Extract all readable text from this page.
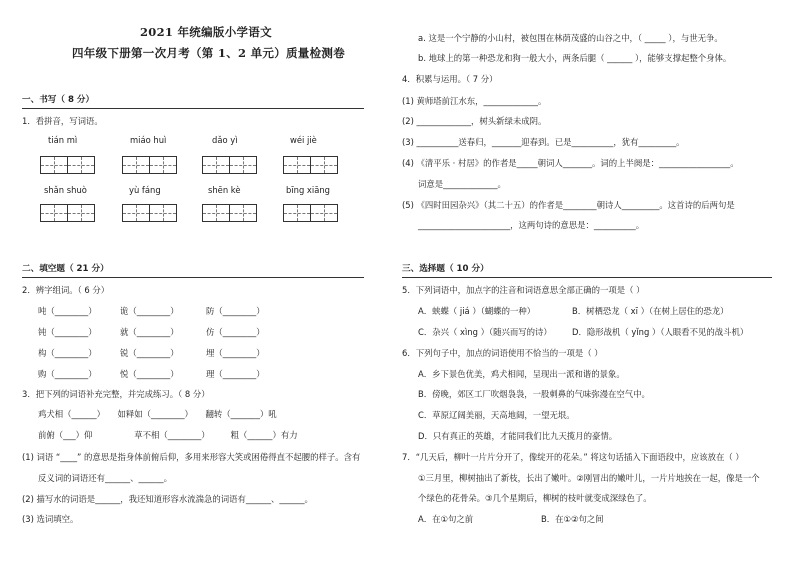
2021 年统编版小学语文
四年级下册第一次月考（第 1、2 单元）质量检测卷
一、书写（ 8 分）
1．看拼音，写词语。
tián mì	miáo huì	dǎo yì	wéi jiè
shǎn shuò	yù fáng	shēn kè	bīng xiāng
二、填空题（ 21 分）
2．辨字组词。（ 6 分）
吨（________）	诡（________）	防（________）
钝（________）	就（________）	仿（________）
构（________）	锐（________）	埋（________）
购（________）	悦（________）	理（________）
3．把下列的词语补充完整，并完成练习。（ 8 分）
鸡犬相（______）　　如释如（________）　　翻转（_______）吼
前俯（___）仰　　　　　草不相（________）　　　粗（______）有力
(1) 词语 “____” 的意思是指身体前俯后仰，多用来形容大笑或困倦得直不起腰的样子。含有
反义词的词语还有______、______。
(2) 描写水的词语是______，我还知道形容水流湍急的词语有______、______。
(3) 选词填空。
a. 这是一个宁静的小山村，被包围在林荫茂盛的山谷之中，（ _____ ），与世无争。
b. 地球上的第一种恐龙和狗一般大小，两条后腿（ ______ ），能够支撑起整个身体。
4．积累与运用。（ 7 分）
(1) 黄师塔前江水东，_____________。
(2) _____________，树头新绿未成阴。
(3) __________送春归，_______迎春到。已是__________，犹有_________。
(4) 《清平乐 · 村居》的作者是_____朝词人_______。词的上半阕是：_________________。
词意是_____________。
(5) 《四时田园杂兴》（其二十五）的作者是________朝诗人_________。这首诗的后两句是
______________________，这两句诗的意思是：__________。
三、选择题（ 10 分）
5．下列词语中，加点字的注音和词语意思全部正确的一项是（ ）
A．蛱蝶（ jiá ）（蝴蝶的一种）	B．树栖恐龙（ xī ）（在树上居住的恐龙）
C．杂兴（ xìng ）（随兴而写的诗） D．隐形战机（ yǐng ）（人眼看不见的战斗机）
6．下列句子中，加点的词语使用不恰当的一项是（ ）
A．乡下景色优美，鸡犬相闻，呈现出一派和谐的景象。
B．傍晚，郊区工厂吹烟袅袅，一股刺鼻的气味弥漫在空气中。
C．草原辽阔美丽，天高地阔，一望无垠。
D．只有真正的英雄，才能同我们比九天揽月的豪情。
7．“几天后，柳叶一片片分开了，像绽开的花朵。” 将这句话插入下面语段中，应该放在（ ）
①三月里，柳树抽出了新枝，长出了嫩叶。②刚冒出的嫩叶儿，一片片地挨在一起，像是一个
个绿色的花骨朵。③几个星期后，柳树的枝叶就变成深绿色了。
A．在①句之前	B．在①②句之间
